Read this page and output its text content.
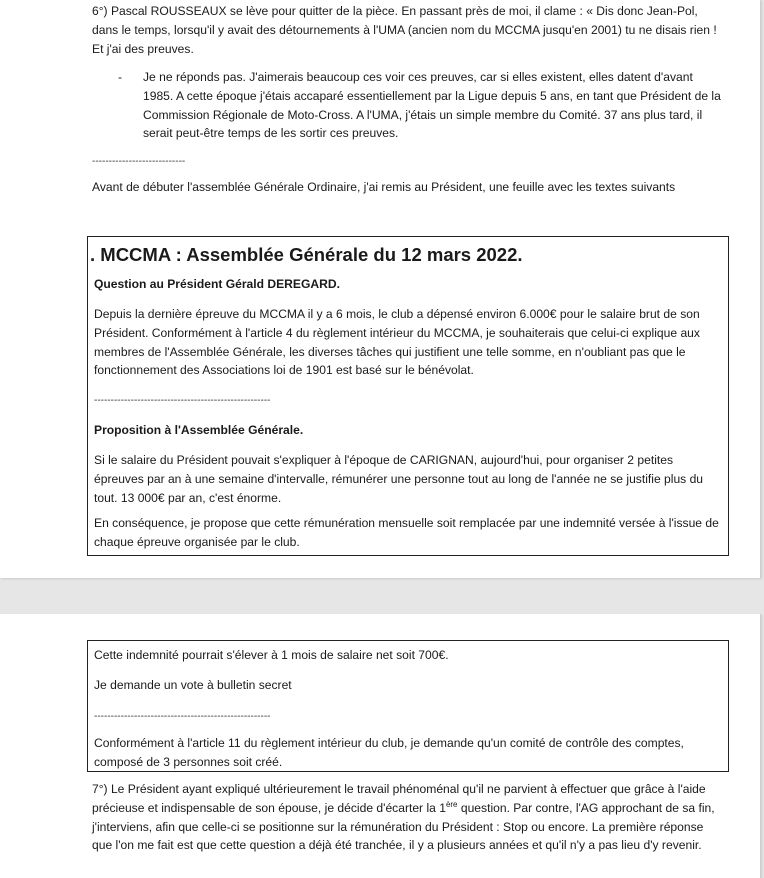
6°) Pascal ROUSSEAUX se lève pour quitter de la pièce. En passant près de moi, il clame : « Dis donc Jean-Pol, dans le temps, lorsqu'il y avait des détournements à l'UMA (ancien nom du MCCMA jusqu'en 2001) tu ne disais rien ! Et j'ai des preuves.

- Je ne réponds pas. J'aimerais beaucoup ces voir ces preuves, car si elles existent, elles datent d'avant 1985. A cette époque j'étais accaparé essentiellement par la Ligue depuis 5 ans, en tant que Président de la Commission Régionale de Moto-Cross. A l'UMA, j'étais un simple membre du Comité. 37 ans plus tard, il serait peut-être temps de les sortir ces preuves.

----------------------------

Avant de débuter l'assemblée Générale Ordinaire, j'ai remis au Président, une feuille avec les textes suivants

. MCCMA : Assemblée Générale du 12 mars 2022.

Question au Président Gérald DEREGARD.

Depuis la dernière épreuve du MCCMA il y a 6 mois, le club a dépensé environ 6.000€ pour le salaire brut de son Président. Conformément à l'article 4 du règlement intérieur du MCCMA, je souhaiterais que celui-ci explique aux membres de l'Assemblée Générale, les diverses tâches qui justifient une telle somme, en n'oubliant pas que le fonctionnement des Associations loi de 1901 est basé sur le bénévolat.

-----------------------------------------------------

Proposition à l'Assemblée Générale.

Si le salaire du Président pouvait s'expliquer à l'époque de CARIGNAN, aujourd'hui, pour organiser 2 petites épreuves par an à une semaine d'intervalle, rémunérer une personne tout au long de l'année ne se justifie plus du tout. 13 000€ par an, c'est énorme.

En conséquence, je propose que cette rémunération mensuelle soit remplacée par une indemnité versée à l'issue de chaque épreuve organisée par le club.

Cette indemnité pourrait s'élever à 1 mois de salaire net soit 700€.

Je demande un vote à bulletin secret

-----------------------------------------------------

Conformément à l'article 11 du règlement intérieur du club, je demande qu'un comité de contrôle des comptes, composé de 3 personnes soit créé.

7°) Le Président ayant expliqué ultérieurement le travail phénoménal qu'il ne parvient à effectuer que grâce à l'aide précieuse et indispensable de son épouse, je décide d'écarter la 1ère question. Par contre, l'AG approchant de sa fin, j'interviens, afin que celle-ci se positionne sur la rémunération du Président : Stop ou encore. La première réponse que l'on me fait est que cette question a déjà été tranchée, il y a plusieurs années et qu'il n'y a pas lieu d'y revenir.
